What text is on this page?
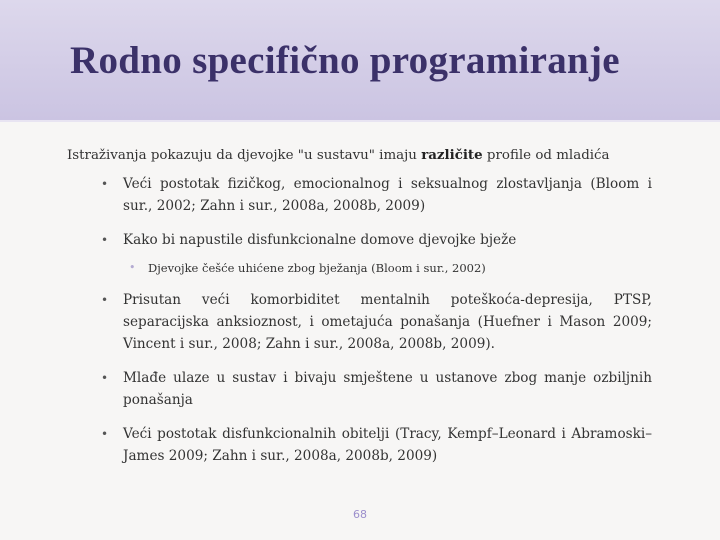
Rodno specifično programiranje

Istraživanja pokazuju da djevojke "u sustavu" imaju različite profile od mladića

• Veći postotak fizičkog, emocionalnog i seksualnog zlostavljanja (Bloom i sur., 2002; Zahn i sur., 2008a, 2008b, 2009)
• Kako bi napustile disfunkcionalne domove djevojke bježe
• Djevojke češće uhićene zbog bježanja (Bloom i sur., 2002)
• Prisutan veći komorbiditet mentalnih poteškoća-depresija, PTSP, separacijska anksioznost, i ometajuća ponašanja (Huefner i Mason 2009; Vincent i sur., 2008; Zahn i sur., 2008a, 2008b, 2009).
• Mlađe ulaze u sustav i bivaju smještene u ustanove zbog manje ozbiljnih ponašanja
• Veći postotak disfunkcionalnih obitelji (Tracy, Kempf–Leonard i Abramoski–James 2009; Zahn i sur., 2008a, 2008b, 2009)
68
